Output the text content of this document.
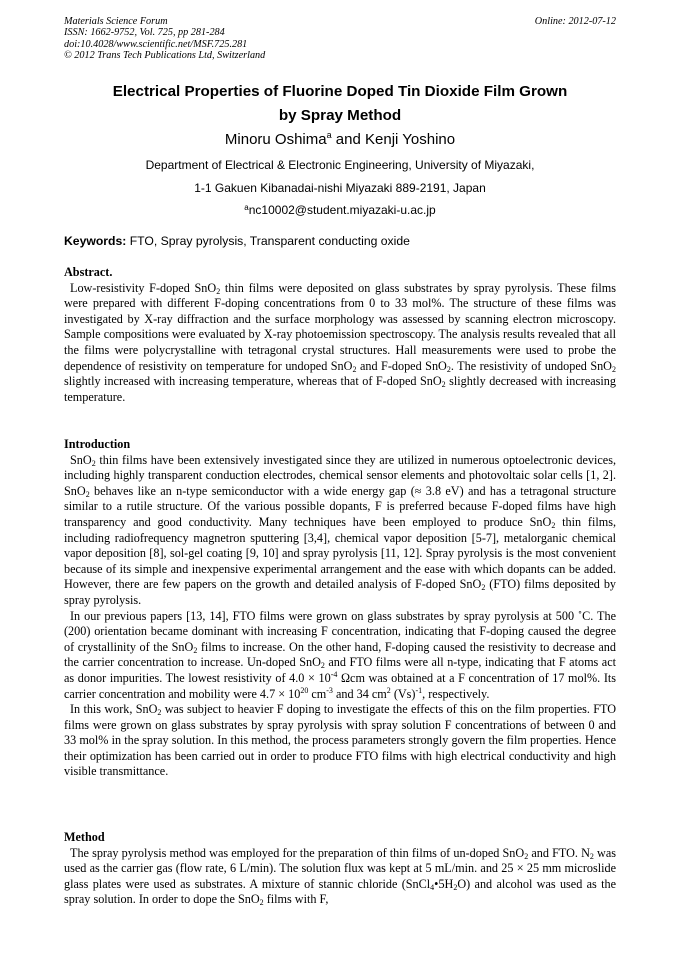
Materials Science Forum
ISSN: 1662-9752, Vol. 725, pp 281-284
doi:10.4028/www.scientific.net/MSF.725.281
© 2012 Trans Tech Publications Ltd, Switzerland
Online: 2012-07-12
Electrical Properties of Fluorine Doped Tin Dioxide Film Grown
by Spray Method
Minoru Oshima$^a$ and Kenji Yoshino
Department of Electrical & Electronic Engineering, University of Miyazaki,
1-1 Gakuen Kibanadai-nishi Miyazaki 889-2191, Japan
$^a$nc10002@student.miyazaki-u.ac.jp
Keywords: FTO, Spray pyrolysis, Transparent conducting oxide
Abstract.

Low-resistivity F-doped SnO$_2$ thin films were deposited on glass substrates by spray pyrolysis. These films were prepared with different F-doping concentrations from 0 to 33 mol%. The structure of these films was investigated by X-ray diffraction and the surface morphology was assessed by scanning electron microscopy. Sample compositions were evaluated by X-ray photoemission spectroscopy. The analysis results revealed that all the films were polycrystalline with tetragonal crystal structures. Hall measurements were used to probe the dependence of resistivity on temperature for undoped SnO$_2$ and F-doped SnO$_2$. The resistivity of undoped SnO$_2$ slightly increased with increasing temperature, whereas that of F-doped SnO$_2$ slightly decreased with increasing temperature.

Introduction

SnO$_2$ thin films have been extensively investigated since they are utilized in numerous optoelectronic devices, including highly transparent conduction electrodes, chemical sensor elements and photovoltaic solar cells [1, 2]. SnO$_2$ behaves like an n-type semiconductor with a wide energy gap (≈ 3.8 eV) and has a tetragonal structure similar to a rutile structure. Of the various possible dopants, F is preferred because F-doped films have high transparency and good conductivity. Many techniques have been employed to produce SnO$_2$ thin films, including radiofrequency magnetron sputtering [3,4], chemical vapor deposition [5-7], metalorganic chemical vapor deposition [8], sol-gel coating [9, 10] and spray pyrolysis [11, 12]. Spray pyrolysis is the most convenient because of its simple and inexpensive experimental arrangement and the ease with which dopants can be added. However, there are few papers on the growth and detailed analysis of F-doped SnO$_2$ (FTO) films deposited by spray pyrolysis.

In our previous papers [13, 14], FTO films were grown on glass substrates by spray pyrolysis at 500 ˚C. The (200) orientation became dominant with increasing F concentration, indicating that F-doping caused the degree of crystallinity of the SnO$_2$ films to increase. On the other hand, F-doping caused the resistivity to decrease and the carrier concentration to increase. Un-doped SnO$_2$ and FTO films were all n-type, indicating that F atoms act as donor impurities. The lowest resistivity of $4.0 \times 10^{-4}$ Ωcm was obtained at a F concentration of 17 mol%. Its carrier concentration and mobility were $4.7 \times 10^{20}$ $cm^{-3}$ and 34 $cm^2$ $(Vs)^{-1}$, respectively.

In this work, SnO$_2$ was subject to heavier F doping to investigate the effects of this on the film properties. FTO films were grown on glass substrates by spray pyrolysis with spray solution F concentrations of between 0 and 33 mol% in the spray solution. In this method, the process parameters strongly govern the film properties. Hence their optimization has been carried out in order to produce FTO films with high electrical conductivity and high visible transmittance.

Method

The spray pyrolysis method was employed for the preparation of thin films of un-doped SnO$_2$ and FTO. $N_2$ was used as the carrier gas (flow rate, 6 L/min). The solution flux was kept at 5 mL/min. and 25 × 25 mm microslide glass plates were used as substrates. A mixture of stannic chloride $(SnCl_4•5H_2O)$ and alcohol was used as the spray solution. In order to dope the SnO$_2$ films with F,
